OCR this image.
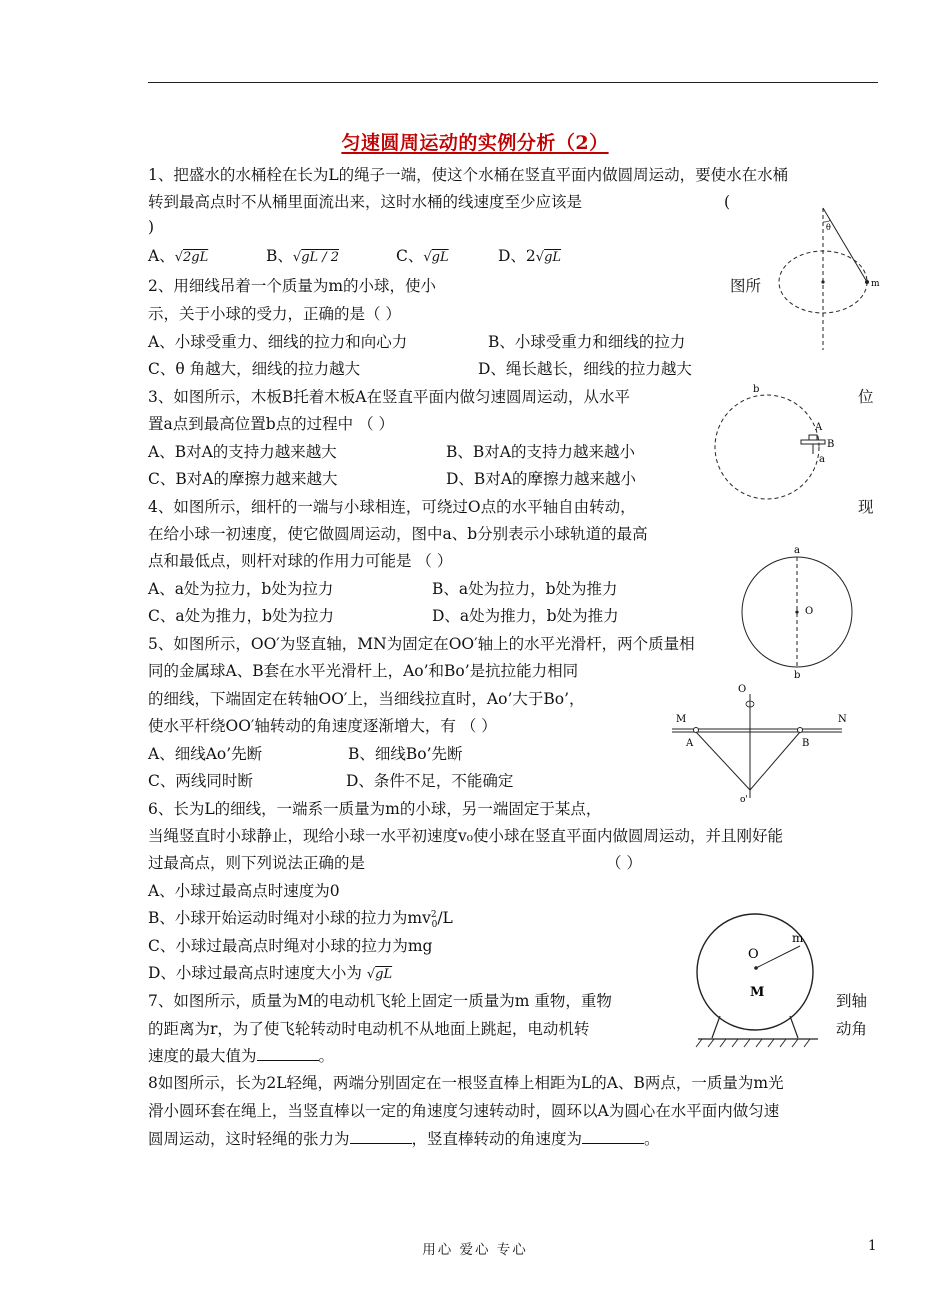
匀速圆周运动的实例分析（2）
1、把盛水的水桶栓在长为L的绳子一端，使这个水桶在竖直平面内做圆周运动，要使水在水桶
转到最高点时不从桶里面流出来，这时水桶的线速度至少应该是	(
)
A、√2gL	B、√gL / 2	C、√gL	D、2√gL
2、用细线吊着一个质量为m的小球，使小	图所
示，关于小球的受力，正确的是（ ）
A、小球受重力、细线的拉力和向心力	B、小球受重力和细线的拉力
C、θ 角越大，细线的拉力越大	D、绳长越长，细线的拉力越大
3、如图所示，木板B托着木板A在竖直平面内做匀速圆周运动，从水平	位
置a点到最高位置b点的过程中 （ ）
A、B对A的支持力越来越大	B、B对A的支持力越来越小
C、B对A的摩擦力越来越大	D、B对A的摩擦力越来越小
4、如图所示，细杆的一端与小球相连，可绕过O点的水平轴自由转动，	现
在给小球一初速度，使它做圆周运动，图中a、b分别表示小球轨道的最高
点和最低点，则杆对球的作用力可能是 （ ）
A、a处为拉力，b处为拉力	B、a处为拉力，b处为推力
C、a处为推力，b处为拉力	D、a处为推力，b处为推力
5、如图所示，OO′为竖直轴，MN为固定在OO′轴上的水平光滑杆，两个质量相
同的金属球A、B套在水平光滑杆上，Ao’和Bo’是抗拉能力相同
的细线，下端固定在转轴OO′上，当细线拉直时，Ao’大于Bo’，
使水平杆绕OO′轴转动的角速度逐渐增大，有 （ ）
A、细线Ao’先断	B、细线Bo’先断
C、两线同时断	D、条件不足，不能确定
6、长为L的细线，一端系一质量为m的小球，另一端固定于某点，
当绳竖直时小球静止，现给小球一水平初速度v₀使小球在竖直平面内做圆周运动，并且刚好能
过最高点，则下列说法正确的是	（ ）
A、小球过最高点时速度为0
B、小球开始运动时绳对小球的拉力为$mv^2_0/L$
C、小球过最高点时绳对小球的拉力为mg
D、小球过最高点时速度大小为 √gL
7、如图所示，质量为M的电动机飞轮上固定一质量为m 重物，重物	到轴
的距离为r，为了使飞轮转动时电动机不从地面上跳起，电动机转	动角
速度的最大值为	。
8如图所示，长为2L轻绳，两端分别固定在一根竖直棒上相距为L的A、B两点，一质量为m光
滑小圆环套在绳上，当竖直棒以一定的角速度匀速转动时，圆环以A为圆心在水平面内做匀速
圆周运动，这时轻绳的张力为	，竖直棒转动的角速度为	。
θ
m
b
A
B
a
a
O
b
O
M	N
A	B
o'
O
m
M
用心 爱心 专心	1
